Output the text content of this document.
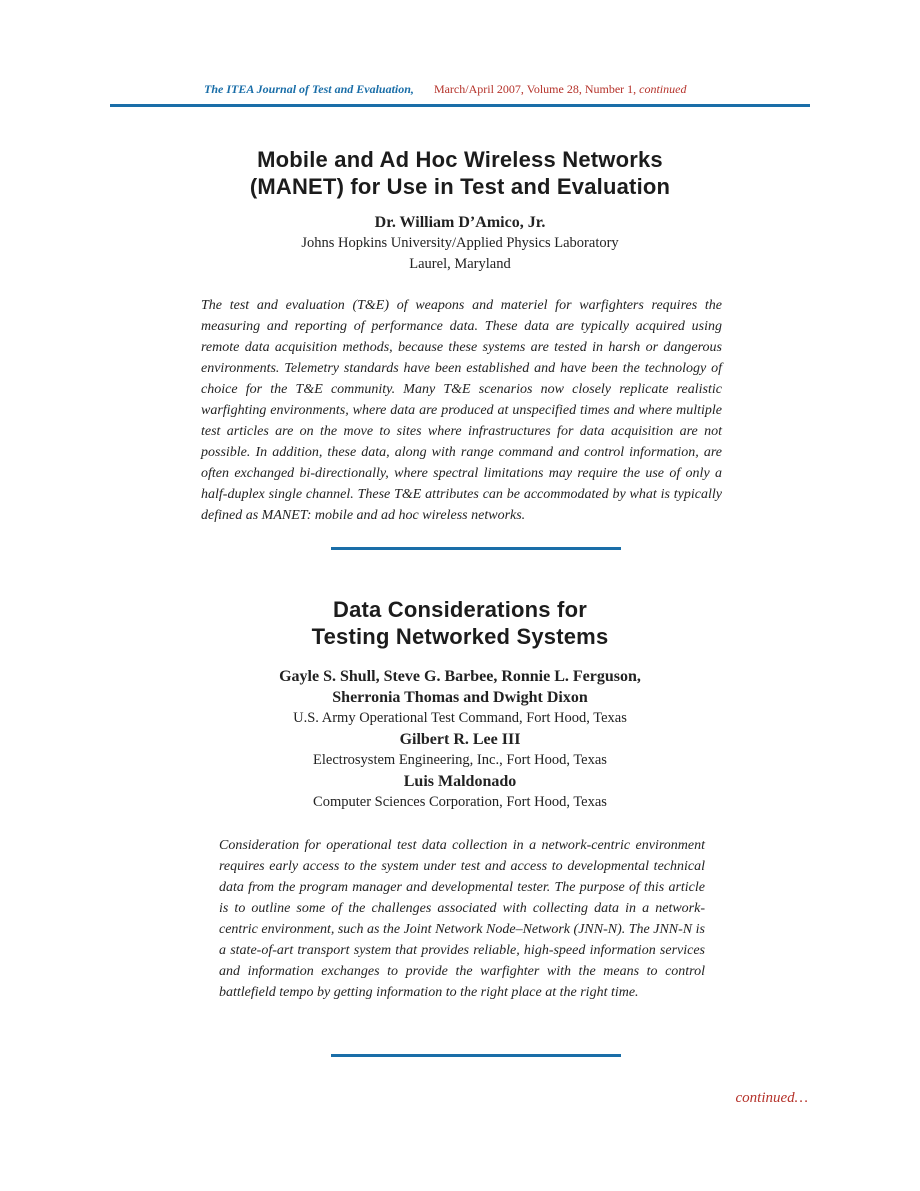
The ITEA Journal of Test and Evaluation, March/April 2007, Volume 28, Number 1, continued
Mobile and Ad Hoc Wireless Networks
(MANET) for Use in Test and Evaluation
Dr. William D’Amico, Jr.
Johns Hopkins University/Applied Physics Laboratory
Laurel, Maryland
The test and evaluation (T&E) of weapons and materiel for warfighters requires the measuring and reporting of performance data. These data are typically acquired using remote data acquisition methods, because these systems are tested in harsh or dangerous environments. Telemetry standards have been established and have been the technology of choice for the T&E community. Many T&E scenarios now closely replicate realistic warfighting environments, where data are produced at unspecified times and where multiple test articles are on the move to sites where infrastructures for data acquisition are not possible. In addition, these data, along with range command and control information, are often exchanged bi-directionally, where spectral limitations may require the use of only a half-duplex single channel. These T&E attributes can be accommodated by what is typically defined as MANET: mobile and ad hoc wireless networks.
Data Considerations for
Testing Networked Systems
Gayle S. Shull, Steve G. Barbee, Ronnie L. Ferguson,
Sherronia Thomas and Dwight Dixon
U.S. Army Operational Test Command, Fort Hood, Texas
Gilbert R. Lee III
Electrosystem Engineering, Inc., Fort Hood, Texas
Luis Maldonado
Computer Sciences Corporation, Fort Hood, Texas
Consideration for operational test data collection in a network-centric environment requires early access to the system under test and access to developmental technical data from the program manager and developmental tester. The purpose of this article is to outline some of the challenges associated with collecting data in a network-centric environment, such as the Joint Network Node–Network (JNN-N). The JNN-N is a state-of-art transport system that provides reliable, high-speed information services and information exchanges to provide the warfighter with the means to control battlefield tempo by getting information to the right place at the right time.
continued…
